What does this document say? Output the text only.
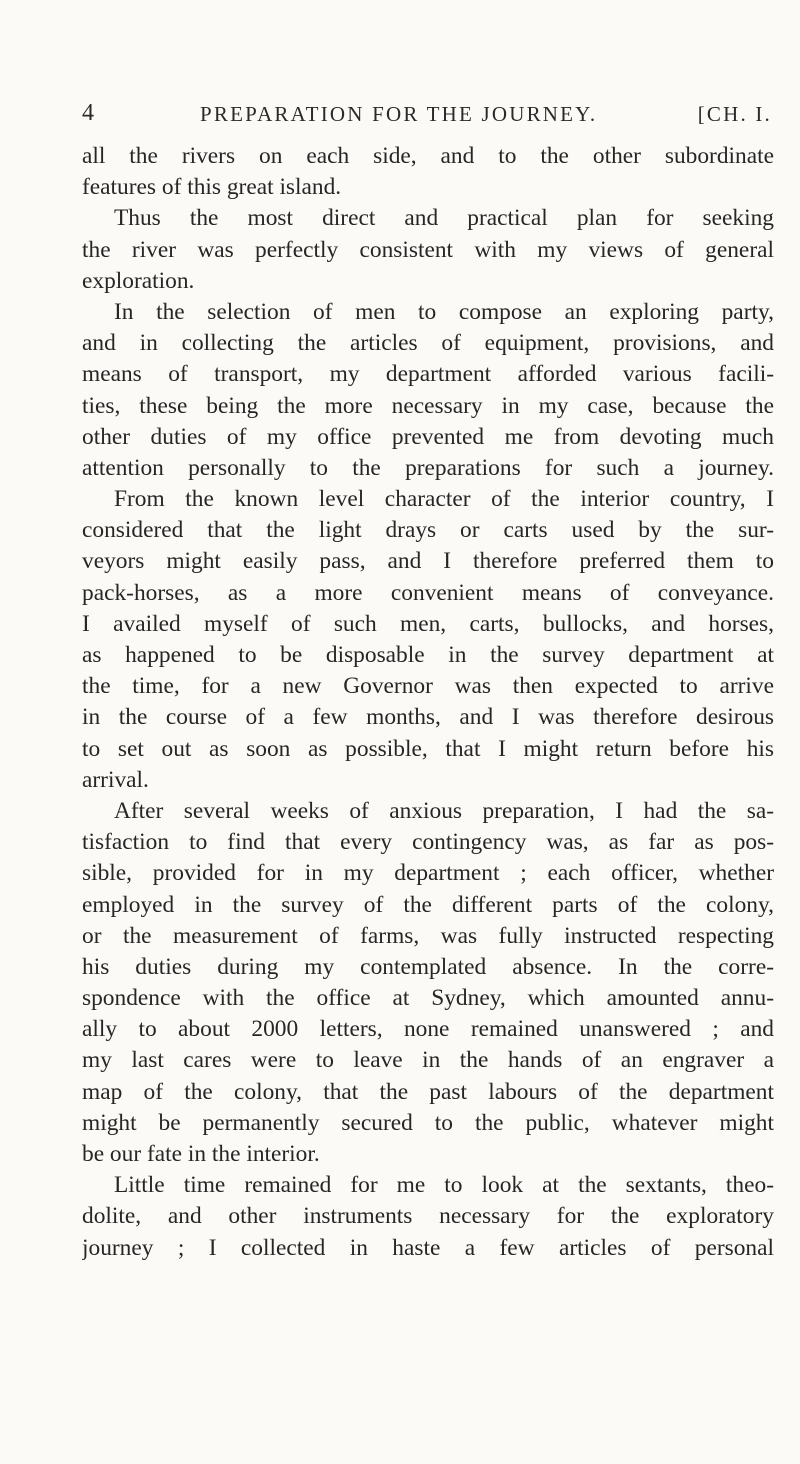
4	PREPARATION FOR THE JOURNEY.	[CH. I.
all the rivers on each side, and to the other subordinate
features of this great island.
Thus the most direct and practical plan for seeking
the river was perfectly consistent with my views of general
exploration.
In the selection of men to compose an exploring party,
and in collecting the articles of equipment, provisions, and
means of transport, my department afforded various facili-
ties, these being the more necessary in my case, because the
other duties of my office prevented me from devoting much
attention personally to the preparations for such a journey.
From the known level character of the interior country, I
considered that the light drays or carts used by the sur-
veyors might easily pass, and I therefore preferred them to
pack-horses, as a more convenient means of conveyance.
I availed myself of such men, carts, bullocks, and horses,
as happened to be disposable in the survey department at
the time, for a new Governor was then expected to arrive
in the course of a few months, and I was therefore desirous
to set out as soon as possible, that I might return before his
arrival.
After several weeks of anxious preparation, I had the sa-
tisfaction to find that every contingency was, as far as pos-
sible, provided for in my department ; each officer, whether
employed in the survey of the different parts of the colony,
or the measurement of farms, was fully instructed respecting
his duties during my contemplated absence. In the corre-
spondence with the office at Sydney, which amounted annu-
ally to about 2000 letters, none remained unanswered ; and
my last cares were to leave in the hands of an engraver a
map of the colony, that the past labours of the department
might be permanently secured to the public, whatever might
be our fate in the interior.
Little time remained for me to look at the sextants, theo-
dolite, and other instruments necessary for the exploratory
journey ; I collected in haste a few articles of personal
